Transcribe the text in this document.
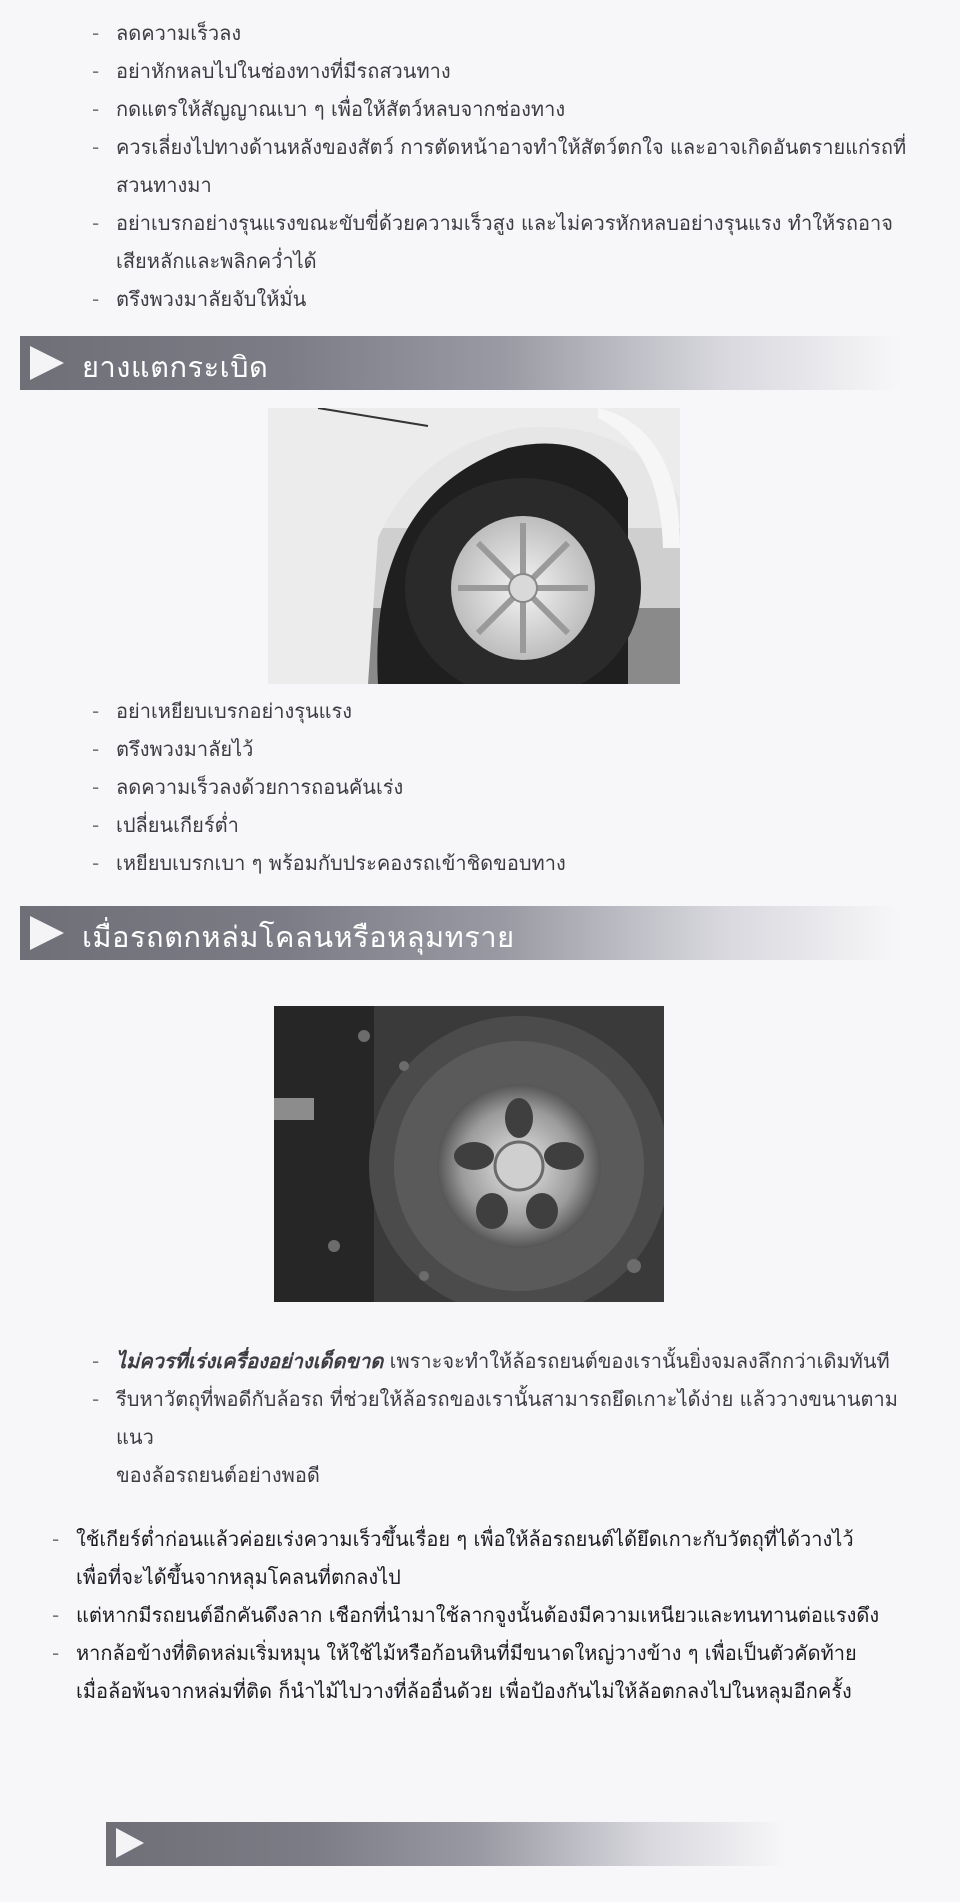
- ลดความเร็วลง
- อย่าหักหลบไปในช่องทางที่มีรถสวนทาง
- กดแตรให้สัญญาณเบา ๆ เพื่อให้สัตว์หลบจากช่องทาง
- ควรเลี่ยงไปทางด้านหลังของสัตว์ การตัดหน้าอาจทำให้สัตว์ตกใจ และอาจเกิดอันตรายแก่รถที่
สวนทางมา
- อย่าเบรกอย่างรุนแรงขณะขับขี่ด้วยความเร็วสูง และไม่ควรหักหลบอย่างรุนแรง ทำให้รถอาจ
เสียหลักและพลิกคว่ำได้
- ตรึงพวงมาลัยจับให้มั่น
ยางแตกระเบิด
- อย่าเหยียบเบรกอย่างรุนแรง
- ตรึงพวงมาลัยไว้
- ลดความเร็วลงด้วยการถอนคันเร่ง
- เปลี่ยนเกียร์ต่ำ
- เหยียบเบรกเบา ๆ พร้อมกับประคองรถเข้าชิดขอบทาง
เมื่อรถตกหล่มโคลนหรือหลุมทราย
- ไม่ควรที่เร่งเครื่องอย่างเด็ดขาด เพราะจะทำให้ล้อรถยนต์ของเรานั้นยิ่งจมลงลึกกว่าเดิมทันที
- รีบหาวัตถุที่พอดีกับล้อรถ ที่ช่วยให้ล้อรถของเรานั้นสามารถยึดเกาะได้ง่าย แล้ววางขนานตามแนว
ของล้อรถยนต์อย่างพอดี
- ใช้เกียร์ต่ำก่อนแล้วค่อยเร่งความเร็วขึ้นเรื่อย ๆ เพื่อให้ล้อรถยนต์ได้ยึดเกาะกับวัตถุที่ได้วางไว้
เพื่อที่จะได้ขึ้นจากหลุมโคลนที่ตกลงไป
- แต่หากมีรถยนต์อีกคันดึงลาก เชือกที่นำมาใช้ลากจูงนั้นต้องมีความเหนียวและทนทานต่อแรงดึง
- หากล้อข้างที่ติดหล่มเริ่มหมุน ให้ใช้ไม้หรือก้อนหินที่มีขนาดใหญ่วางข้าง ๆ เพื่อเป็นตัวคัดท้าย
เมื่อล้อพ้นจากหล่มที่ติด ก็นำไม้ไปวางที่ล้ออื่นด้วย เพื่อป้องกันไม่ให้ล้อตกลงไปในหลุมอีกครั้ง
